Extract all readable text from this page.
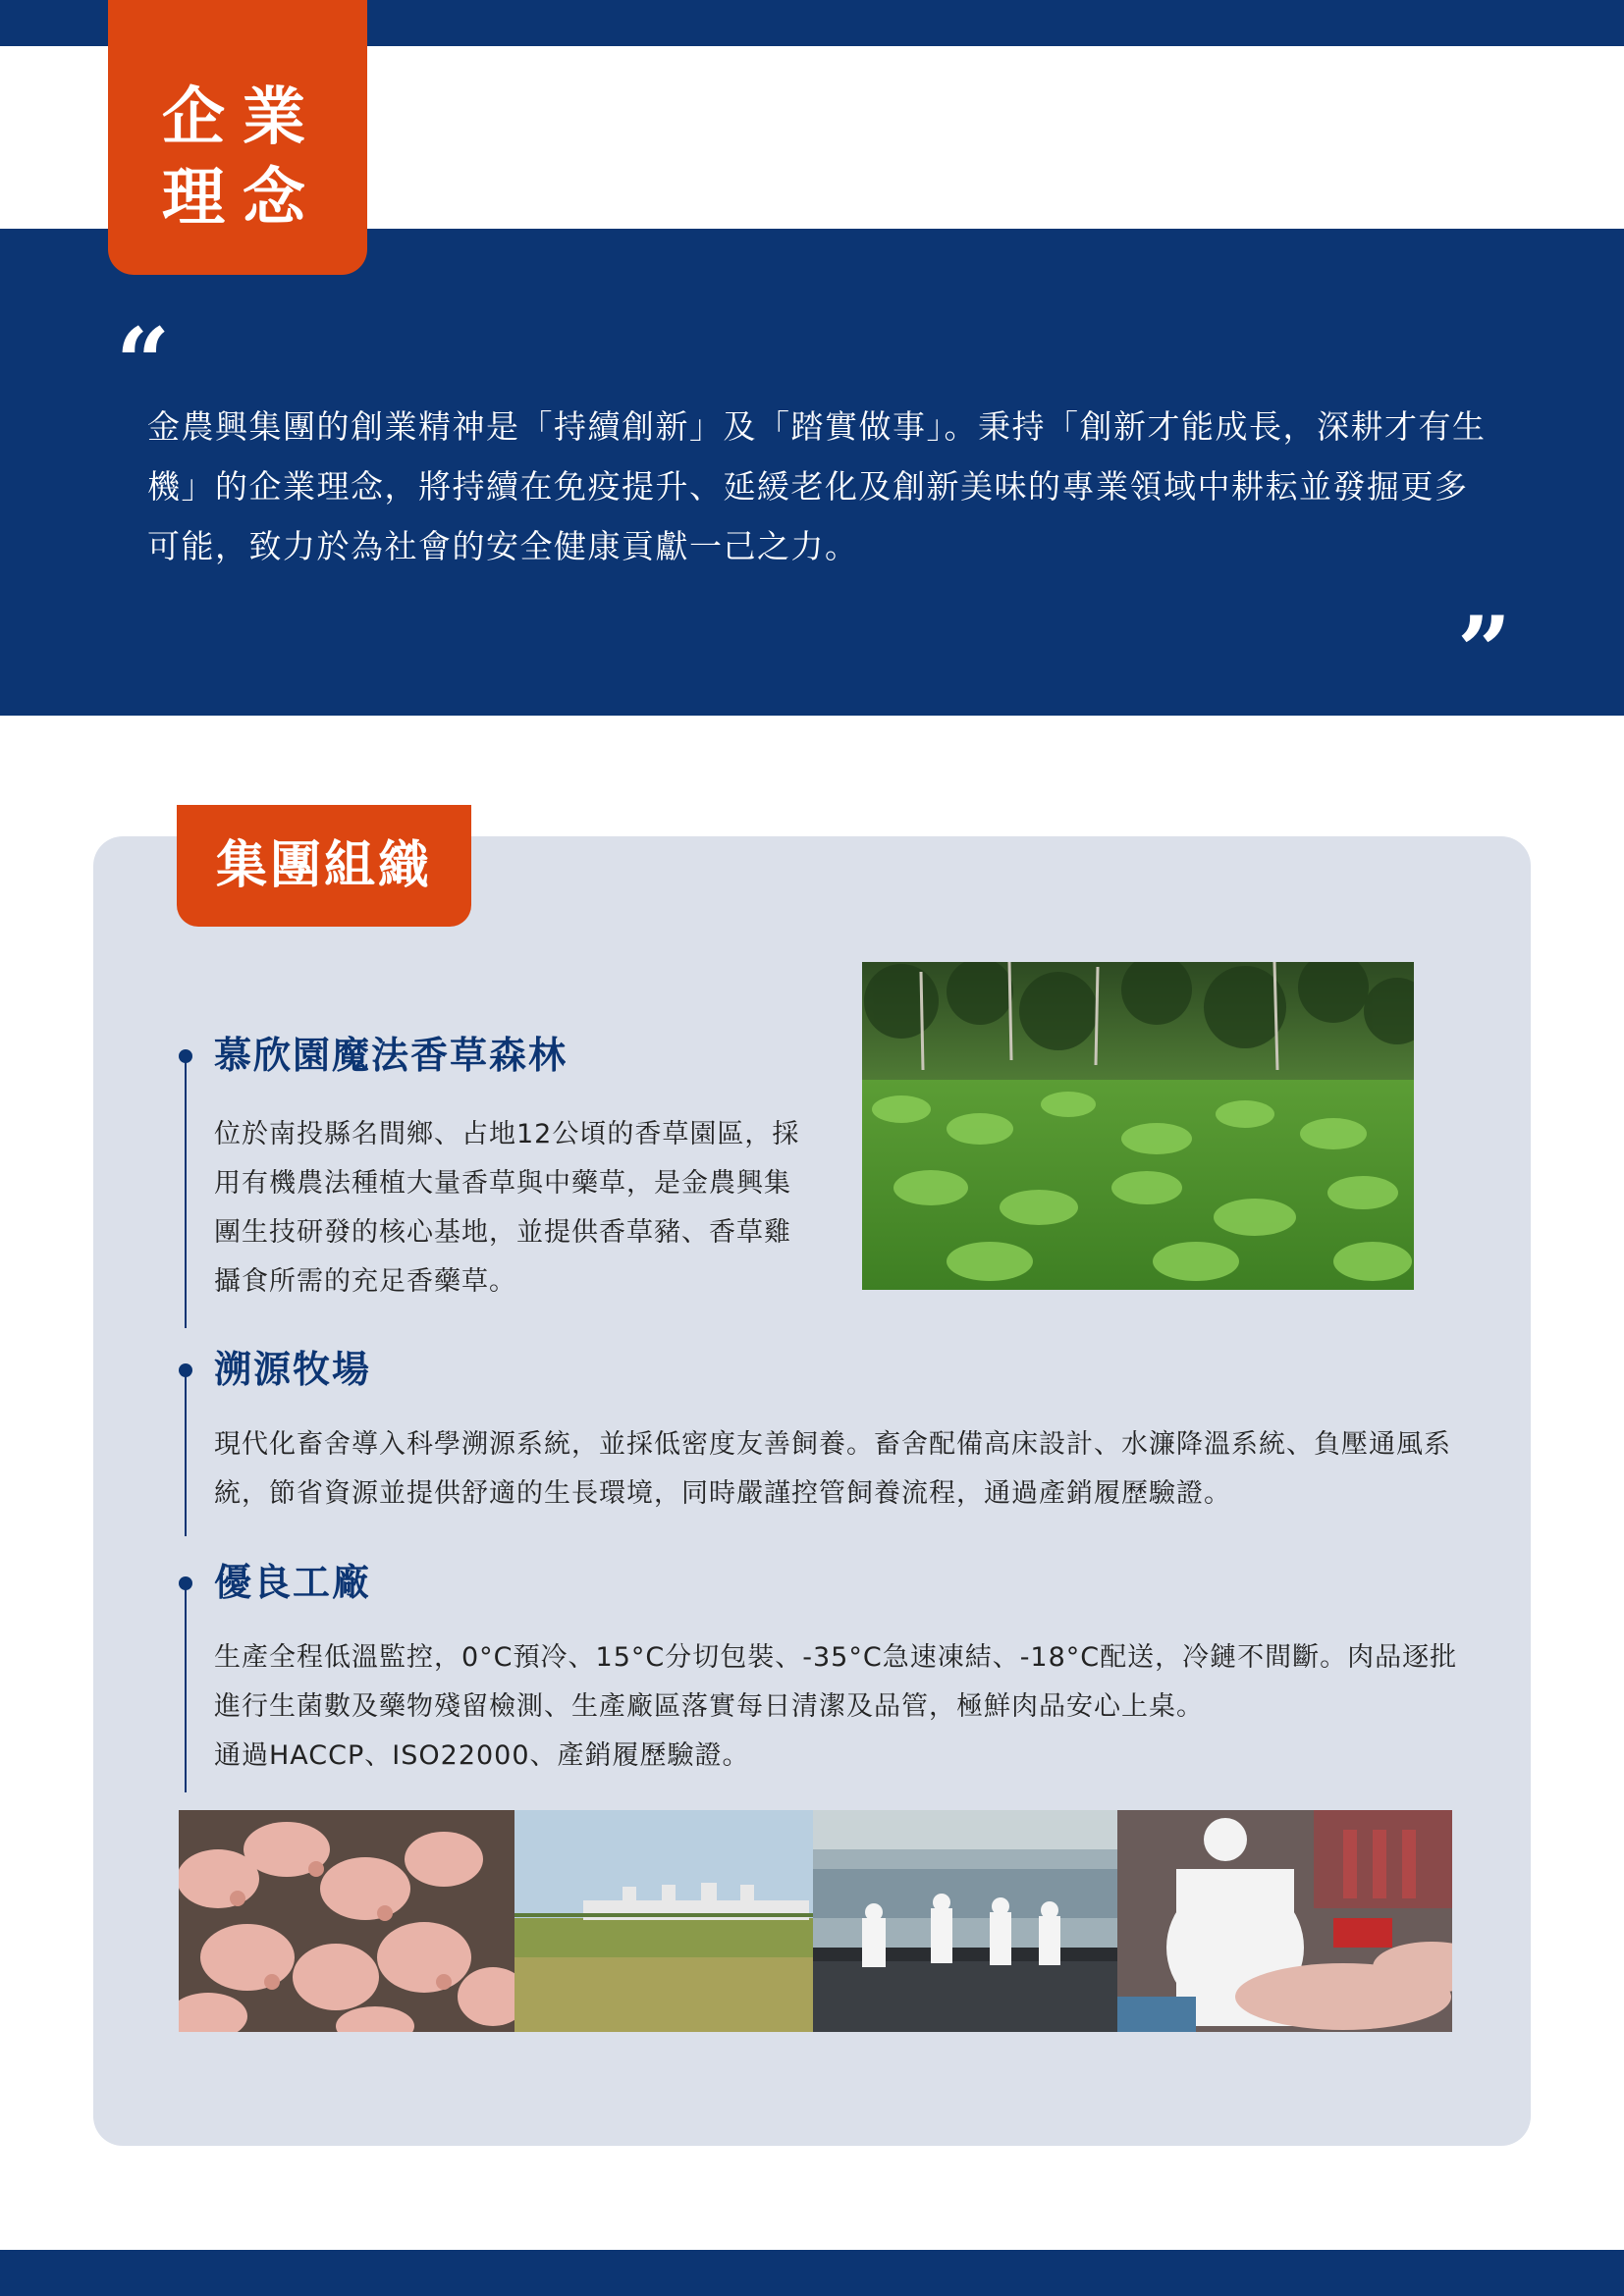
企業
理念
“
金農興集團的創業精神是「持續創新」及「踏實做事」。秉持「創新才能成長，深耕才有生機」的企業理念，將持續在免疫提升、延緩老化及創新美味的專業領域中耕耘並發掘更多可能，致力於為社會的安全健康貢獻一己之力。
”
集團組織
慕欣園魔法香草森林
位於南投縣名間鄉、占地12公頃的香草園區，採用有機農法種植大量香草與中藥草，是金農興集團生技研發的核心基地，並提供香草豬、香草雞攝食所需的充足香藥草。
溯源牧場
現代化畜舍導入科學溯源系統，並採低密度友善飼養。畜舍配備高床設計、水濂降溫系統、負壓通風系統，節省資源並提供舒適的生長環境，同時嚴謹控管飼養流程，通過產銷履歷驗證。
優良工廠
生產全程低溫監控，0°C預冷、15°C分切包裝、-35°C急速凍結、-18°C配送，冷鏈不間斷。肉品逐批進行生菌數及藥物殘留檢測、生產廠區落實每日清潔及品管，極鮮肉品安心上桌。
通過HACCP、ISO22000、產銷履歷驗證。
